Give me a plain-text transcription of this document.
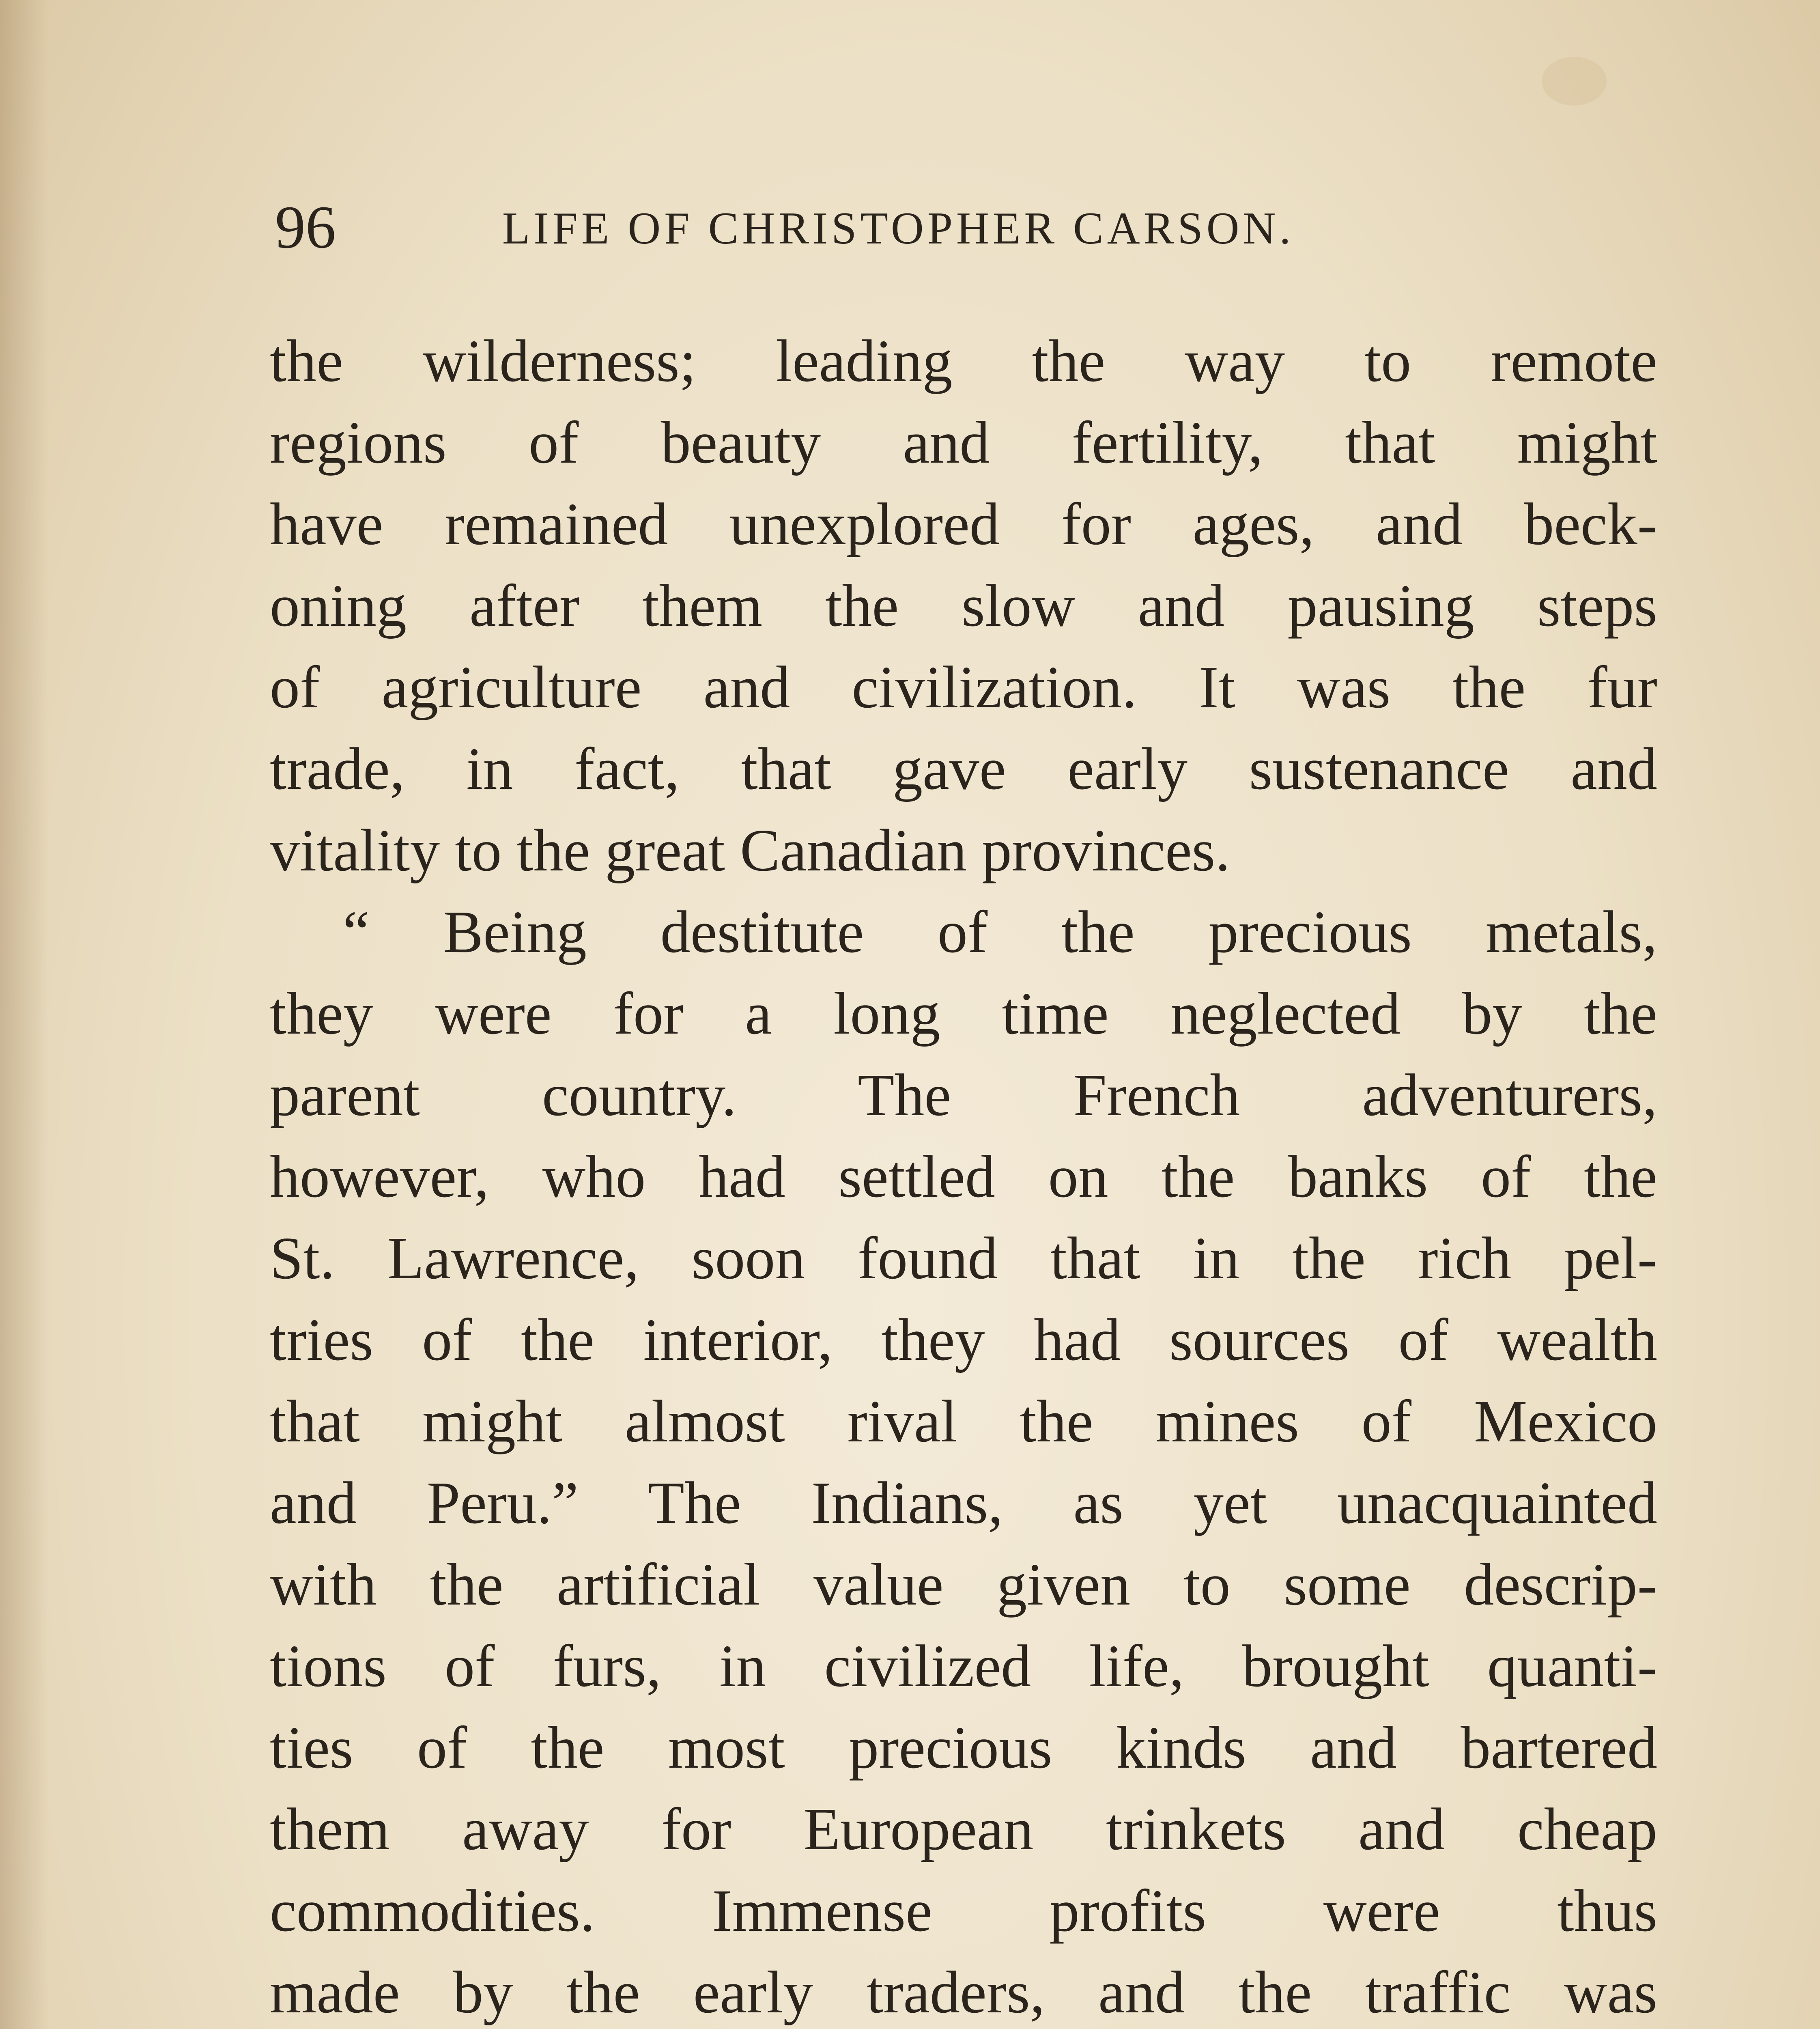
96	LIFE OF CHRISTOPHER CARSON.
the wilderness; leading the way to remote
regions of beauty and fertility, that might
have remained unexplored for ages, and beck-
oning after them the slow and pausing steps
of agriculture and civilization. It was the fur
trade, in fact, that gave early sustenance and
vitality to the great Canadian provinces.
“ Being destitute of the precious metals,
they were for a long time neglected by the
parent country. The French adventurers,
however, who had settled on the banks of the
St. Lawrence, soon found that in the rich pel-
tries of the interior, they had sources of wealth
that might almost rival the mines of Mexico
and Peru.” The Indians, as yet unacquainted
with the artificial value given to some descrip-
tions of furs, in civilized life, brought quanti-
ties of the most precious kinds and bartered
them away for European trinkets and cheap
commodities. Immense profits were thus
made by the early traders, and the traffic was
